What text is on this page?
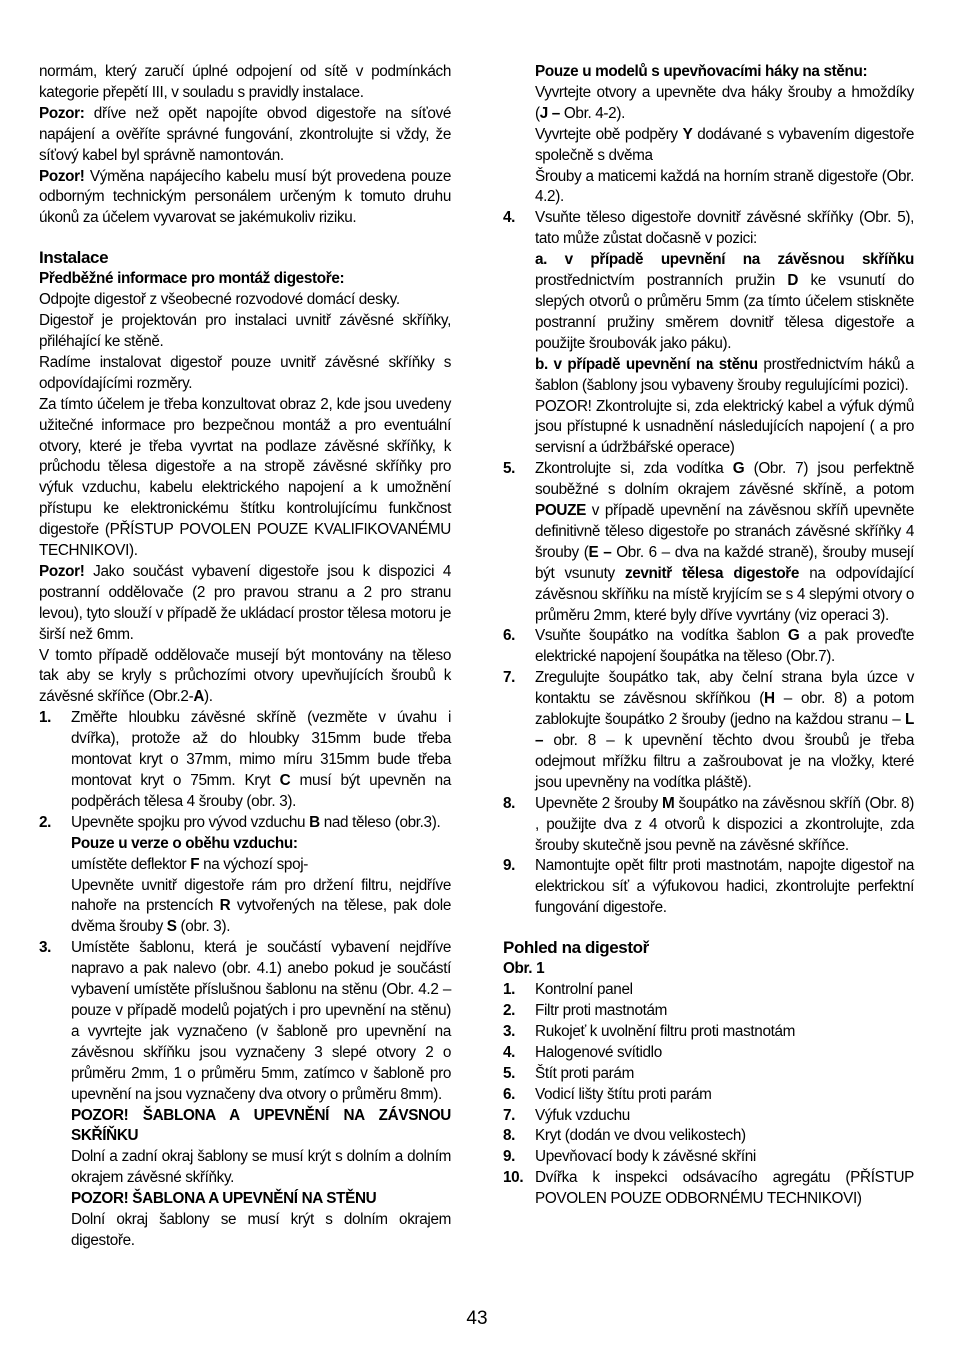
normám, který zaručí úplné odpojení od sítě v podmínkách kategorie přepětí III, v souladu s pravidly instalace.
Pozor: dříve než opět napojíte obvod digestoře na síťové napájení a ověříte správné fungování, zkontrolujte si vždy, že síťový kabel byl správně namontován.
Pozor! Výměna napájecího kabelu musí být provedena pouze odborným technickým personálem určeným k tomuto druhu úkonů za účelem vyvarovat se jakémukoliv riziku.
Instalace
Předběžné informace pro montáž digestoře:
Odpojte digestoř z všeobecné rozvodové domácí desky.
Digestoř je projektován pro instalaci uvnitř závěsné skříňky, přiléhající ke stěně.
Radíme instalovat digestoř pouze uvnitř závěsné skříňky s odpovídajícími rozměry.
Za tímto účelem je třeba konzultovat obraz 2, kde jsou uvedeny užitečné informace pro bezpečnou montáž a pro eventuální otvory, které je třeba vyvrtat na podlaze závěsné skříňky, k průchodu tělesa digestoře a na stropě závěsné skříňky pro výfuk vzduchu, kabelu elektrického napojení a k umožnění přístupu ke elektronickému štítku kontrolujícímu funkčnost digestoře (PŘÍSTUP POVOLEN POUZE KVALIFIKOVANÉMU TECHNIKOVI).
Pozor! Jako součást vybavení digestoře jsou k dispozici 4 postranní oddělovače (2 pro pravou stranu a 2 pro stranu levou), tyto slouží v případě že ukládací prostor tělesa motoru je širší než 6mm.
V tomto případě oddělovače musejí být montovány na těleso tak aby se kryly s průchozími otvory upevňujících šroubů k závěsné skříňce (Obr.2-A).
1. Změřte hloubku závěsné skříně (vezměte v úvahu i dvířka), protože až do hloubky 315mm bude třeba montovat kryt o 37mm, mimo míru 315mm bude třeba montovat kryt o 75mm. Kryt C musí být upevněn na podpěrách tělesa 4 šrouby (obr. 3).
2. Upevněte spojku pro vývod vzduchu B nad těleso (obr.3).
Pouze u verze o oběhu vzduchu:
umístěte deflektor F na výchozí spoj-
Upevněte uvnitř digestoře rám pro držení filtru, nejdříve nahoře na prstencích R vytvořených na tělese, pak dole dvěma šrouby S (obr. 3).
3. Umístěte šablonu, která je součástí vybavení nejdříve napravo a pak nalevo (obr. 4.1) anebo pokud je součástí vybavení umístěte příslušnou šablonu na stěnu (Obr. 4.2 – pouze v případě modelů pojatých i pro upevnění na stěnu) a vyvrtejte jak vyznačeno (v šabloně pro upevnění na závěsnou skříňku jsou vyznačeny 3 slepé otvory 2 o průměru 2mm, 1 o průměru 5mm, zatímco v šabloně pro upevnění na jsou vyznačeny dva otvory o průměru 8mm).
POZOR! ŠABLONA A UPEVNĚNÍ NA ZÁVSNOU SKŘÍŇKU
Dolní a zadní okraj šablony se musí krýt s dolním a dolním okrajem závěsné skříňky.
POZOR! ŠABLONA A UPEVNĚNÍ NA STĚNU
Dolní okraj šablony se musí krýt s dolním okrajem digestoře.
Pouze u modelů s upevňovacími háky na stěnu:
Vyvrtejte otvory a upevněte dva háky šrouby a hmoždíky (J – Obr. 4-2).
Vyvrtejte obě podpěry Y dodávané s vybavením digestoře společně s dvěma
Šrouby a maticemi každá na horním straně digestoře (Obr. 4.2).
4. Vsuňte těleso digestoře dovnitř závěsné skříňky (Obr. 5), tato může zůstat dočasně v pozici:
a. v případě upevnění na závěsnou skříňku prostřednictvím postranních pružin D ke vsunutí do slepých otvorů o průměru 5mm (za tímto účelem stiskněte postranní pružiny směrem dovnitř tělesa digestoře a použijte šroubovák jako páku).
b. v případě upevnění na stěnu prostřednictvím háků a šablon (šablony jsou vybaveny šrouby regulujícími pozici).
POZOR! Zkontrolujte si, zda elektrický kabel a výfuk dýmů jsou přístupné k usnadnění následujících napojení ( a pro servisní a údržbářské operace)
5. Zkontrolujte si, zda vodítka G (Obr. 7) jsou perfektně souběžné s dolním okrajem závěsné skříně, a potom POUZE v případě upevnění na závěsnou skříň upevněte definitivně těleso digestoře po stranách závěsné skříňky 4 šrouby (E – Obr. 6 – dva na každé straně), šrouby musejí být vsunuty zevnitř tělesa digestoře na odpovídající závěsnou skříňku na místě kryjícím se s 4 slepými otvory o průměru 2mm, které byly dříve vyvrtány (viz operaci 3).
6. Vsuňte šoupátko na vodítka šablon G a pak proveďte elektrické napojení šoupátka na těleso (Obr.7).
7. Zregulujte šoupátko tak, aby čelní strana byla úzce v kontaktu se závěsnou skříňkou (H – obr. 8) a potom zablokujte šoupátko 2 šrouby (jedno na každou stranu – L – obr. 8 – k upevnění těchto dvou šroubů je třeba odejmout mřížku filtru a zašroubovat je na vložky, které jsou upevněny na vodítka pláště).
8. Upevněte 2 šrouby M šoupátko na závěsnou skříň (Obr. 8) , použijte dva z 4 otvorů k dispozici a zkontrolujte, zda šrouby skutečně jsou pevně na závěsné skříňce.
9. Namontujte opět filtr proti mastnotám, napojte digestoř na elektrickou síť a výfukovou hadici, zkontrolujte perfektní fungování digestoře.
Pohled na digestoř
Obr. 1
1. Kontrolní panel
2. Filtr proti mastnotám
3. Rukojeť k uvolnění filtru proti mastnotám
4. Halogenové svítidlo
5. Štít proti parám
6. Vodicí lišty štítu proti parám
7. Výfuk vzduchu
8. Kryt (dodán ve dvou velikostech)
9. Upevňovací body k závěsné skříni
10. Dvířka k inspekci odsávacího agregátu (PŘÍSTUP POVOLEN POUZE ODBORNÉMU TECHNIKOVI)
43
